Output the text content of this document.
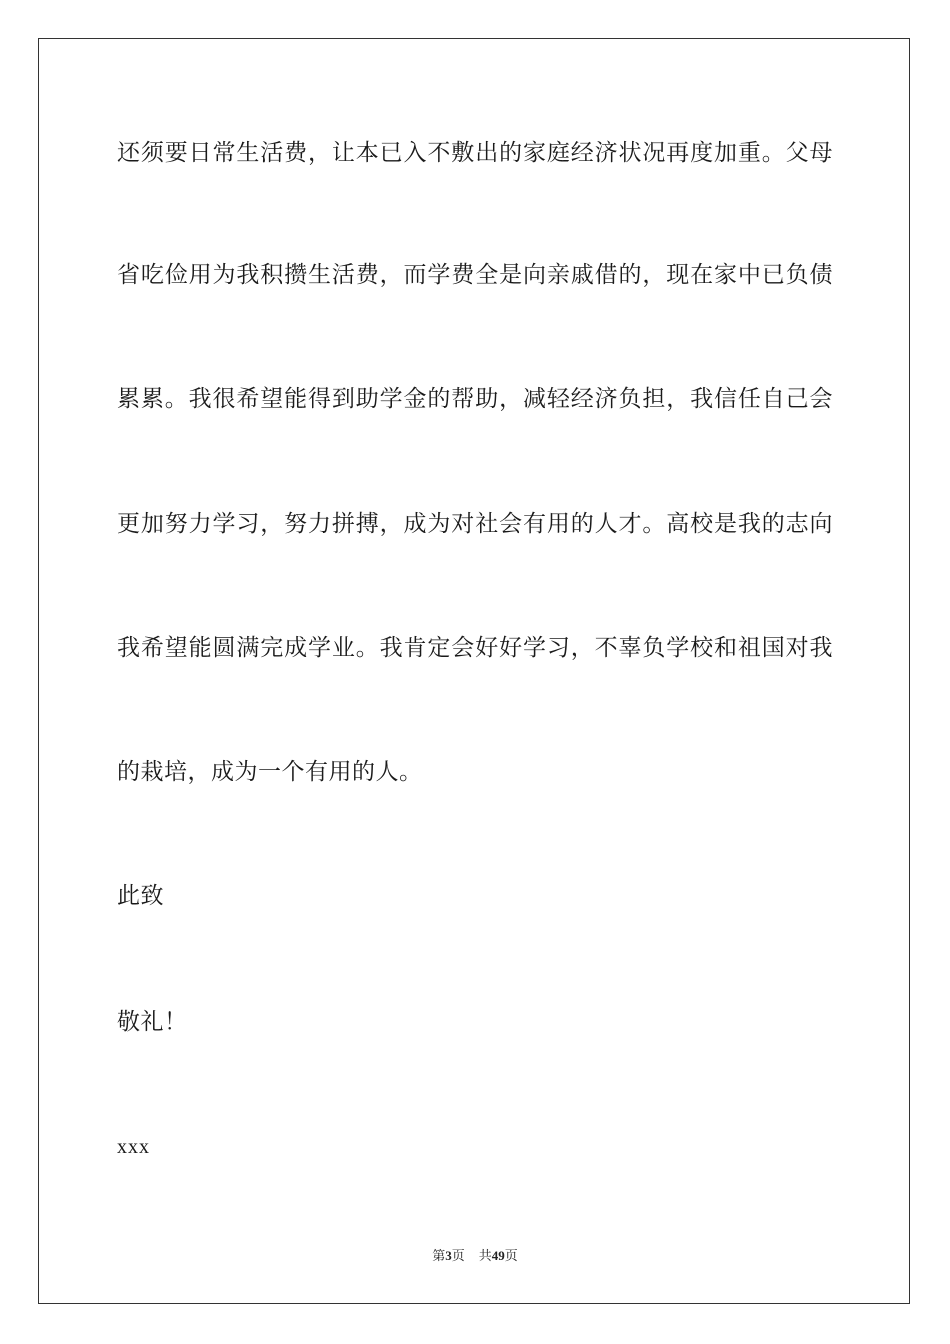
还须要日常生活费，让本已入不敷出的家庭经济状况再度加重。父母
省吃俭用为我积攒生活费，而学费全是向亲戚借的，现在家中已负债
累累。我很希望能得到助学金的帮助，减轻经济负担，我信任自己会
更加努力学习，努力拼搏，成为对社会有用的人才。高校是我的志向
我希望能圆满完成学业。我肯定会好好学习，不辜负学校和祖国对我
的栽培，成为一个有用的人。
此致
敬礼！
xxx
第3页 共49页
